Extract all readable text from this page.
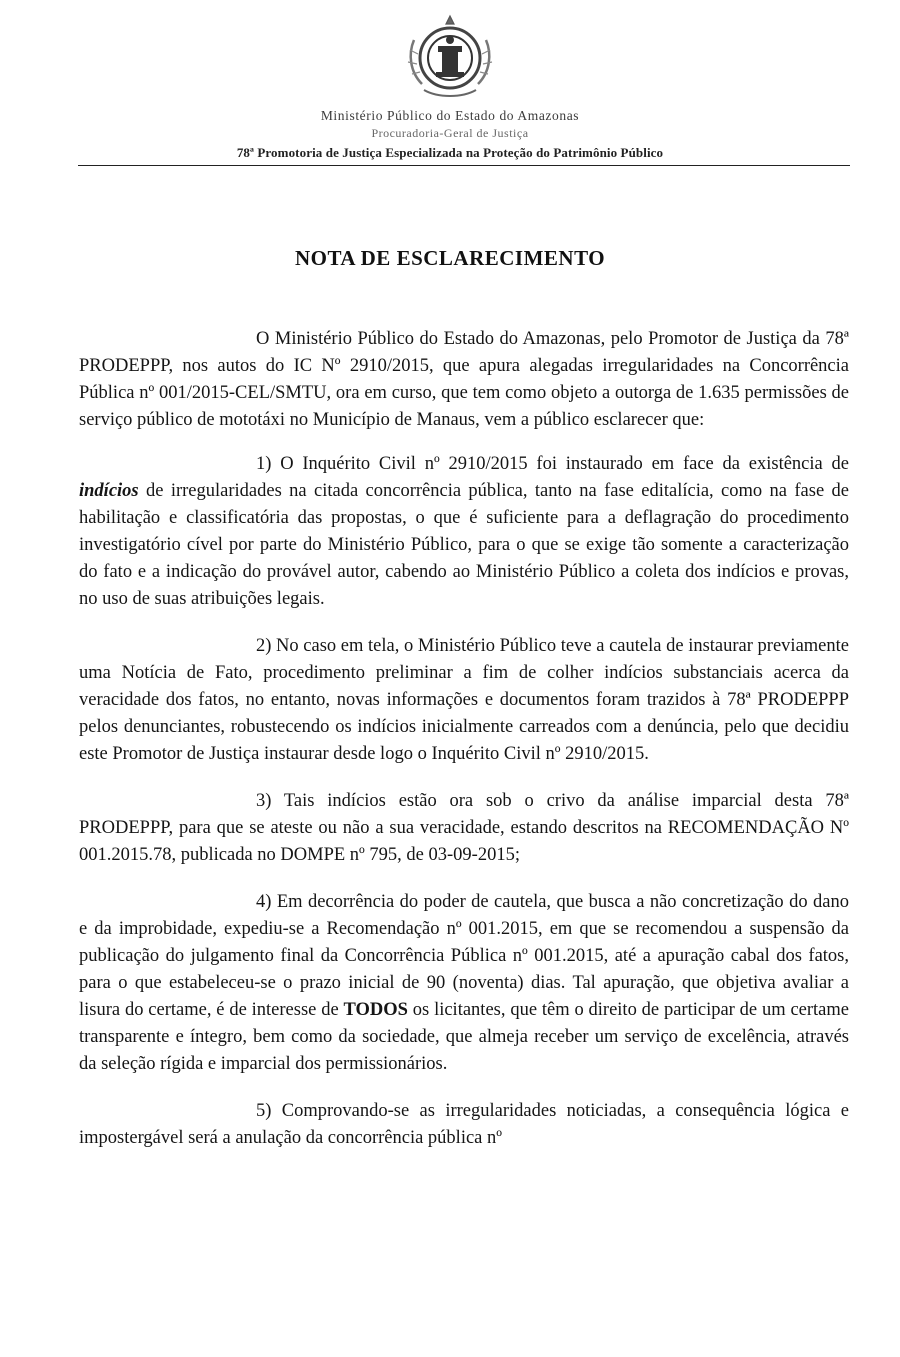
Ministério Público do Estado do Amazonas
Procuradoria-Geral de Justiça
78ª Promotoria de Justiça Especializada na Proteção do Patrimônio Público
NOTA DE ESCLARECIMENTO

O Ministério Público do Estado do Amazonas, pelo Promotor de Justiça da 78ª PRODEPPP, nos autos do IC Nº 2910/2015, que apura alegadas irregularidades na Concorrência Pública nº 001/2015-CEL/SMTU, ora em curso, que tem como objeto a outorga de 1.635 permissões de serviço público de mototáxi no Município de Manaus, vem a público esclarecer que:

1) O Inquérito Civil nº 2910/2015 foi instaurado em face da existência de indícios de irregularidades na citada concorrência pública, tanto na fase editalícia, como na fase de habilitação e classificatória das propostas, o que é suficiente para a deflagração do procedimento investigatório cível por parte do Ministério Público, para o que se exige tão somente a caracterização do fato e a indicação do provável autor, cabendo ao Ministério Público a coleta dos indícios e provas, no uso de suas atribuições legais.

2) No caso em tela, o Ministério Público teve a cautela de instaurar previamente uma Notícia de Fato, procedimento preliminar a fim de colher indícios substanciais acerca da veracidade dos fatos, no entanto, novas informações e documentos foram trazidos à 78ª PRODEPPP pelos denunciantes, robustecendo os indícios inicialmente carreados com a denúncia, pelo que decidiu este Promotor de Justiça instaurar desde logo o Inquérito Civil nº 2910/2015.

3) Tais indícios estão ora sob o crivo da análise imparcial desta 78ª PRODEPPP, para que se ateste ou não a sua veracidade, estando descritos na RECOMENDAÇÃO Nº 001.2015.78, publicada no DOMPE nº 795, de 03-09-2015;

4) Em decorrência do poder de cautela, que busca a não concretização do dano e da improbidade, expediu-se a Recomendação nº 001.2015, em que se recomendou a suspensão da publicação do julgamento final da Concorrência Pública nº 001.2015, até a apuração cabal dos fatos, para o que estabeleceu-se o prazo inicial de 90 (noventa) dias. Tal apuração, que objetiva avaliar a lisura do certame, é de interesse de TODOS os licitantes, que têm o direito de participar de um certame transparente e íntegro, bem como da sociedade, que almeja receber um serviço de excelência, através da seleção rígida e imparcial dos permissionários.

5) Comprovando-se as irregularidades noticiadas, a consequência lógica e impostergável será a anulação da concorrência pública nº
